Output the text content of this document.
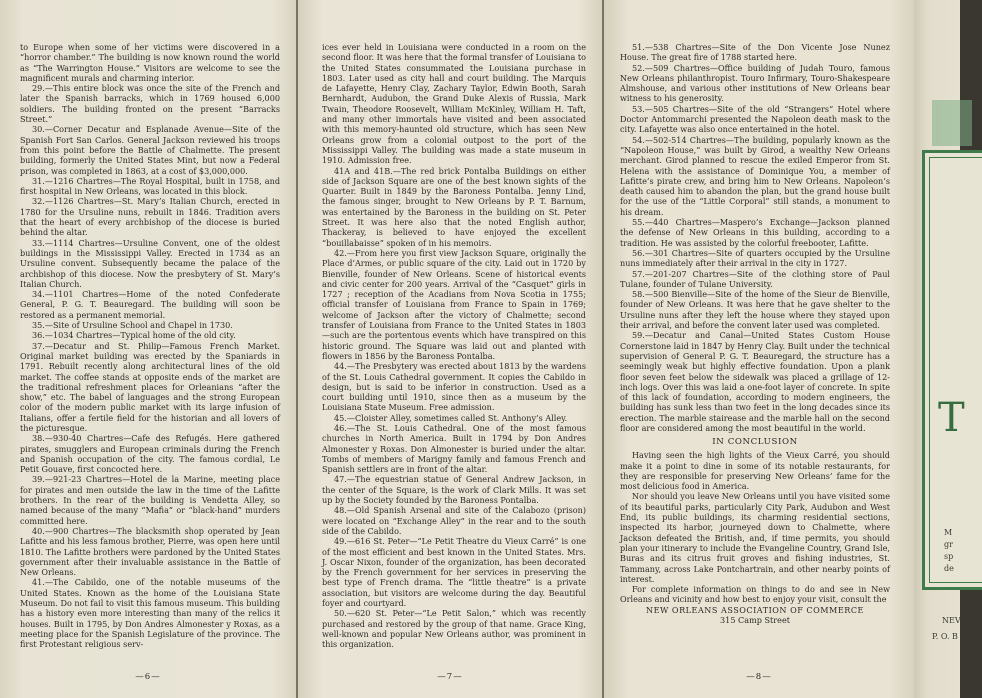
to Europe when some of her victims were discovered in a “horror chamber.” The building is now known round the world as “The Warrington House.” Visitors are welcome to see the magnificent murals and charming interior.

29.—This entire block was once the site of the French and later the Spanish barracks, which in 1769 housed 6,000 soldiers. The building fronted on the present “Barracks Street.”

30.—Corner Decatur and Esplanade Avenue—Site of the Spanish Fort San Carlos. General Jackson reviewed his troops from this point before the Battle of Chalmette. The present building, formerly the United States Mint, but now a Federal prison, was completed in 1863, at a cost of $3,000,000.

31.—1216 Chartres—The Royal Hospital, built in 1758, and first hospital in New Orleans, was located in this block.

32.—1126 Chartres—St. Mary’s Italian Church, erected in 1780 for the Ursuline nuns, rebuilt in 1846. Tradition avers that the heart of every archbishop of the diocese is buried behind the altar.

33.—1114 Chartres—Ursuline Convent, one of the oldest buildings in the Mississippi Valley. Erected in 1734 as an Ursuline convent. Subsequently became the palace of the archbishop of this diocese. Now the presbytery of St. Mary’s Italian Church.

34.—1101 Chartres—Home of the noted Confederate General, P. G. T. Beauregard. The building will soon be restored as a permanent memorial.

35.—Site of Ursuline School and Chapel in 1730.

36.—1034 Chartres—Typical home of the old city.

37.—Decatur and St. Philip—Famous French Market. Original market building was erected by the Spaniards in 1791. Rebuilt recently along architectural lines of the old market. The coffee stands at opposite ends of the market are the traditional refreshment places for Orleanians “after the show,” etc. The babel of languages and the strong European color of the modern public market with its large infusion of Italians, offer a fertile field for the historian and all lovers of the picturesque.

38.—930-40 Chartres—Cafe des Refugés. Here gathered pirates, smugglers and European criminals during the French and Spanish occupation of the city. The famous cordial, Le Petit Gouave, first concocted here.

39.—921-23 Chartres—Hotel de la Marine, meeting place for pirates and men outside the law in the time of the Lafitte brothers. In the rear of the building is Vendetta Alley, so named because of the many “Mafia” or “black-hand” murders committed here.

40.—900 Chartres—The blacksmith shop operated by Jean Lafitte and his less famous brother, Pierre, was open here until 1810. The Lafitte brothers were pardoned by the United States government after their invaluable assistance in the Battle of New Orleans.

41.—The Cabildo, one of the notable museums of the United States. Known as the home of the Louisiana State Museum. Do not fail to visit this famous museum. This building has a history even more interesting than many of the relics it houses. Built in 1795, by Don Andres Almonester y Roxas, as a meeting place for the Spanish Legislature of the province. The first Protestant religious serv-

—6—

ices ever held in Louisiana were conducted in a room on the second floor. It was here that the formal transfer of Louisiana to the United States consummated the Louisiana purchase in 1803. Later used as city hall and court building. The Marquis de Lafayette, Henry Clay, Zachary Taylor, Edwin Booth, Sarah Bernhardt, Audubon, the Grand Duke Alexis of Russia, Mark Twain, Theodore Roosevelt, William McKinley, William H. Taft, and many other immortals have visited and been associated with this memory-haunted old structure, which has seen New Orleans grow from a colonial outpost to the port of the Mississippi Valley. The building was made a state museum in 1910. Admission free.

41A and 41B.—The red brick Pontalba Buildings on either side of Jackson Square are one of the best known sights of the Quarter. Built in 1849 by the Baroness Pontalba. Jenny Lind, the famous singer, brought to New Orleans by P. T. Barnum, was entertained by the Baroness in the building on St. Peter Street. It was here also that the noted English author, Thackeray, is believed to have enjoyed the excellent “bouillabaisse” spoken of in his memoirs.

42.—From here you first view Jackson Square, originally the Place d’Armes, or public square of the city. Laid out in 1720 by Bienville, founder of New Orleans. Scene of historical events and civic center for 200 years. Arrival of the “Casquet” girls in 1727 ; reception of the Acadians from Nova Scotia in 1755; official transfer of Louisiana from France to Spain in 1769; welcome of Jackson after the victory of Chalmette; second transfer of Louisiana from France to the United States in 1803—such are the portentous events which have transpired on this historic ground. The Square was laid out and planted with flowers in 1856 by the Baroness Pontalba.

44.—The Presbytery was erected about 1813 by the wardens of the St. Louis Cathedral government. It copies the Cabildo in design, but is said to be inferior in construction. Used as a court building until 1910, since then as a museum by the Louisiana State Museum. Free admission.

45.—Cloister Alley, sometimes called St. Anthony’s Alley.

46.—The St. Louis Cathedral. One of the most famous churches in North America. Built in 1794 by Don Andres Almonester y Roxas. Don Almonester is buried under the altar. Tombs of members of Marigny family and famous French and Spanish settlers are in front of the altar.

47.—The equestrian statue of General Andrew Jackson, in the center of the Square, is the work of Clark Mills. It was set up by the Society founded by the Baroness Pontalba.

48.—Old Spanish Arsenal and site of the Calabozo (prison) were located on “Exchange Alley” in the rear and to the south side of the Cabildo.

49.—616 St. Peter—“Le Petit Theatre du Vieux Carré” is one of the most efficient and best known in the United States. Mrs. J. Oscar Nixon, founder of the organization, has been decorated by the French government for her services in preserving the best type of French drama. The “little theatre” is a private association, but visitors are welcome during the day. Beautiful foyer and courtyard.

50.—620 St. Peter—“Le Petit Salon,” which was recently purchased and restored by the group of that name. Grace King, well-known and popular New Orleans author, was prominent in this organization.

—7—

51.—538 Chartres—Site of the Don Vicente Jose Nunez House. The great fire of 1788 started here.

52.—509 Chartres—Office building of Judah Touro, famous New Orleans philanthropist. Touro Infirmary, Touro-Shakespeare Almshouse, and various other institutions of New Orleans bear witness to his generosity.

53.—505 Chartres—Site of the old “Strangers” Hotel where Doctor Antommarchi presented the Napoleon death mask to the city. Lafayette was also once entertained in the hotel.

54.—502-514 Chartres—The building, popularly known as the “Napoleon House,” was built by Girod, a wealthy New Orleans merchant. Girod planned to rescue the exiled Emperor from St. Helena with the assistance of Dominique You, a member of Lafitte’s pirate crew, and bring him to New Orleans. Napoleon’s death caused him to abandon the plan, but the grand house built for the use of the “Little Corporal” still stands, a monument to his dream.

55.—440 Chartres—Maspero’s Exchange—Jackson planned the defense of New Orleans in this building, according to a tradition. He was assisted by the colorful freebooter, Lafitte.

56.—301 Chartres—Site of quarters occupied by the Ursuline nuns immediately after their arrival in the city in 1727.

57.—201-207 Chartres—Site of the clothing store of Paul Tulane, founder of Tulane University.

58.—500 Bienville—Site of the home of the Sieur de Bienville, founder of New Orleans. It was here that he gave shelter to the Ursuline nuns after they left the house where they stayed upon their arrival, and before the convent later used was completed.

59.—Decatur and Canal—United States Custom House Cornerstone laid in 1847 by Henry Clay. Built under the technical supervision of General P. G. T. Beauregard, the structure has a seemingly weak but highly effective foundation. Upon a plank floor seven feet below the sidewalk was placed a grillage of 12-inch logs. Over this was laid a one-foot layer of concrete. In spite of this lack of foundation, according to modern engineers, the building has sunk less than two feet in the long decades since its erection. The marble stairease and the marble hall on the second floor are considered among the most beautiful in the world.

IN CONCLUSION

Having seen the high lights of the Vieux Carré, you should make it a point to dine in some of its notable restaurants, for they are responsible for preserving New Orleans’ fame for the most delicious food in America.

Nor should you leave New Orleans until you have visited some of its beautiful parks, particularly City Park, Audubon and West End, its public buildings, its charming residential sections, inspected its harbor, journeyed down to Chalmette, where Jackson defeated the British, and, if time permits, you should plan your itinerary to include the Evangeline Country, Grand Isle, Buras and its citrus fruit groves and fishing industries, St. Tammany, across Lake Pontchartrain, and other nearby points of interest.

For complete information on things to do and see in New Orleans and vicinity and how best to enjoy your visit, consult the

NEW ORLEANS ASSOCIATION OF COMMERCE
315 Camp Street
—8—
T
M
gr
sp
de
NEV
P. O. B
